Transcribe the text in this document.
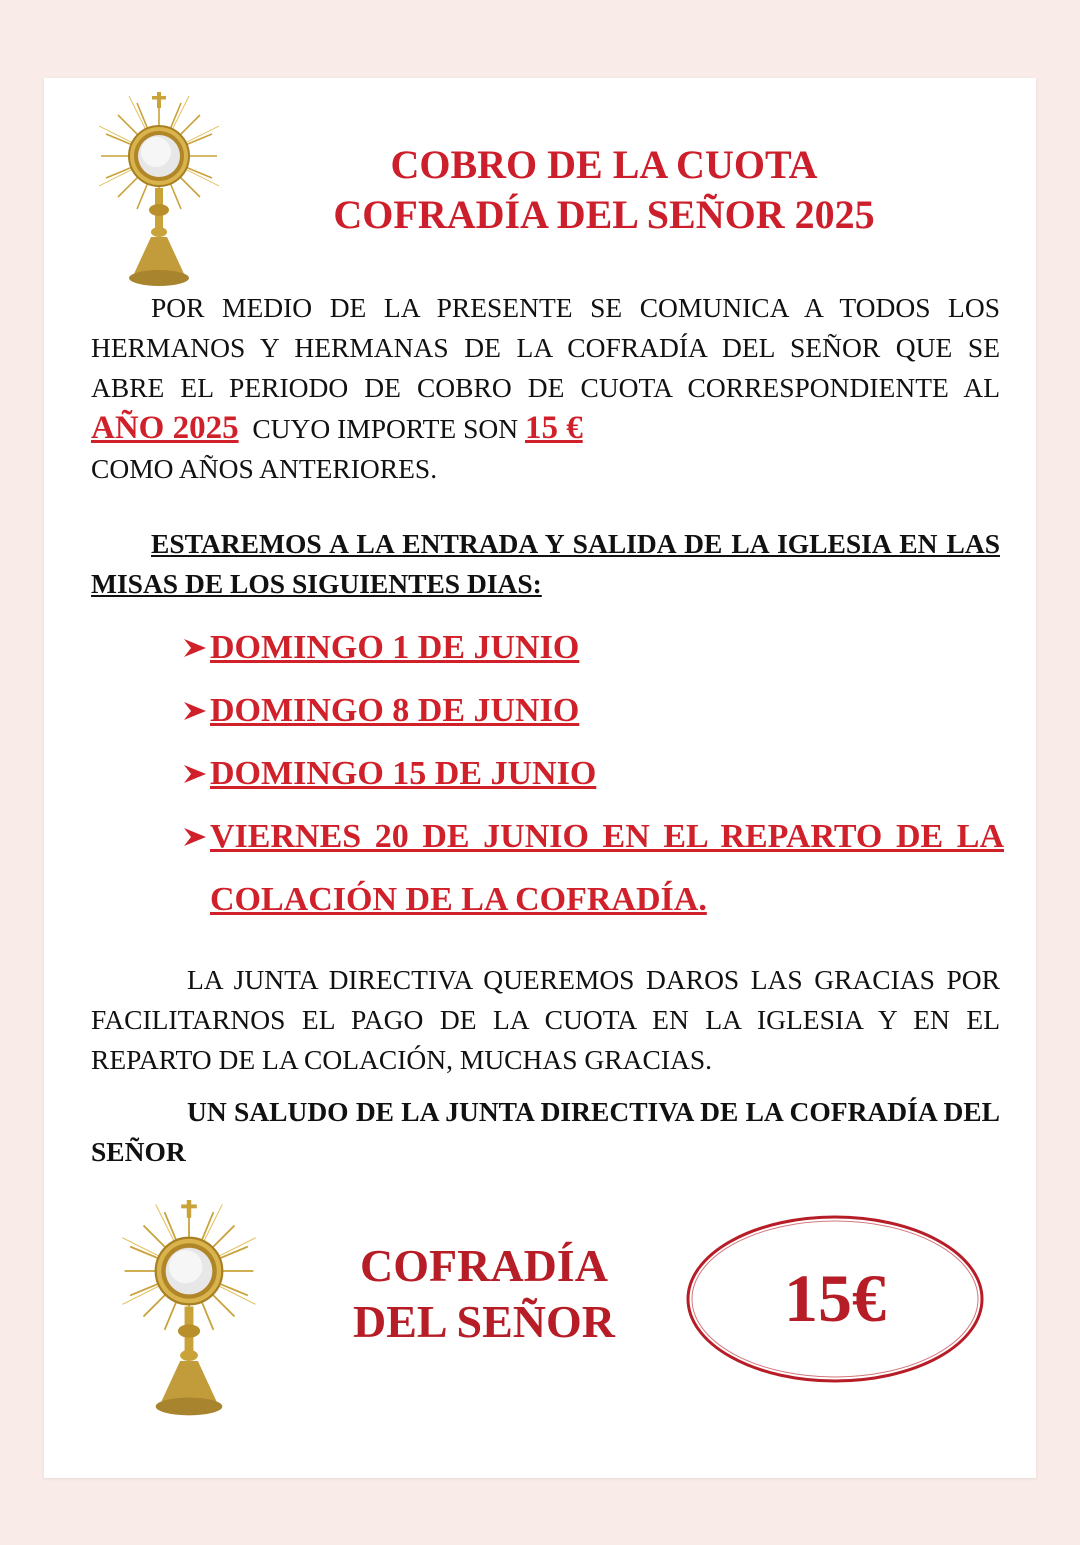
COBRO DE LA CUOTA
COFRADÍA DEL SEÑOR 2025
POR MEDIO DE LA PRESENTE SE COMUNICA A TODOS LOS HERMANOS Y HERMANAS DE LA COFRADÍA DEL SEÑOR QUE SE ABRE EL PERIODO DE COBRO DE CUOTA CORRESPONDIENTE AL AÑO 2025  CUYO IMPORTE SON 15 €
COMO AÑOS ANTERIORES.
ESTAREMOS A LA ENTRADA Y SALIDA DE LA IGLESIA EN LAS MISAS DE LOS SIGUIENTES DIAS:
DOMINGO 1 DE JUNIO
DOMINGO 8 DE JUNIO
DOMINGO 15 DE JUNIO
VIERNES 20 DE JUNIO EN EL REPARTO DE LA COLACIÓN DE LA COFRADÍA.
LA JUNTA DIRECTIVA QUEREMOS DAROS LAS GRACIAS POR FACILITARNOS EL PAGO DE LA CUOTA EN LA IGLESIA Y EN EL REPARTO DE LA COLACIÓN, MUCHAS GRACIAS.
UN SALUDO DE LA JUNTA DIRECTIVA DE LA COFRADÍA DEL SEÑOR
COFRADÍA
DEL SEÑOR	15€
